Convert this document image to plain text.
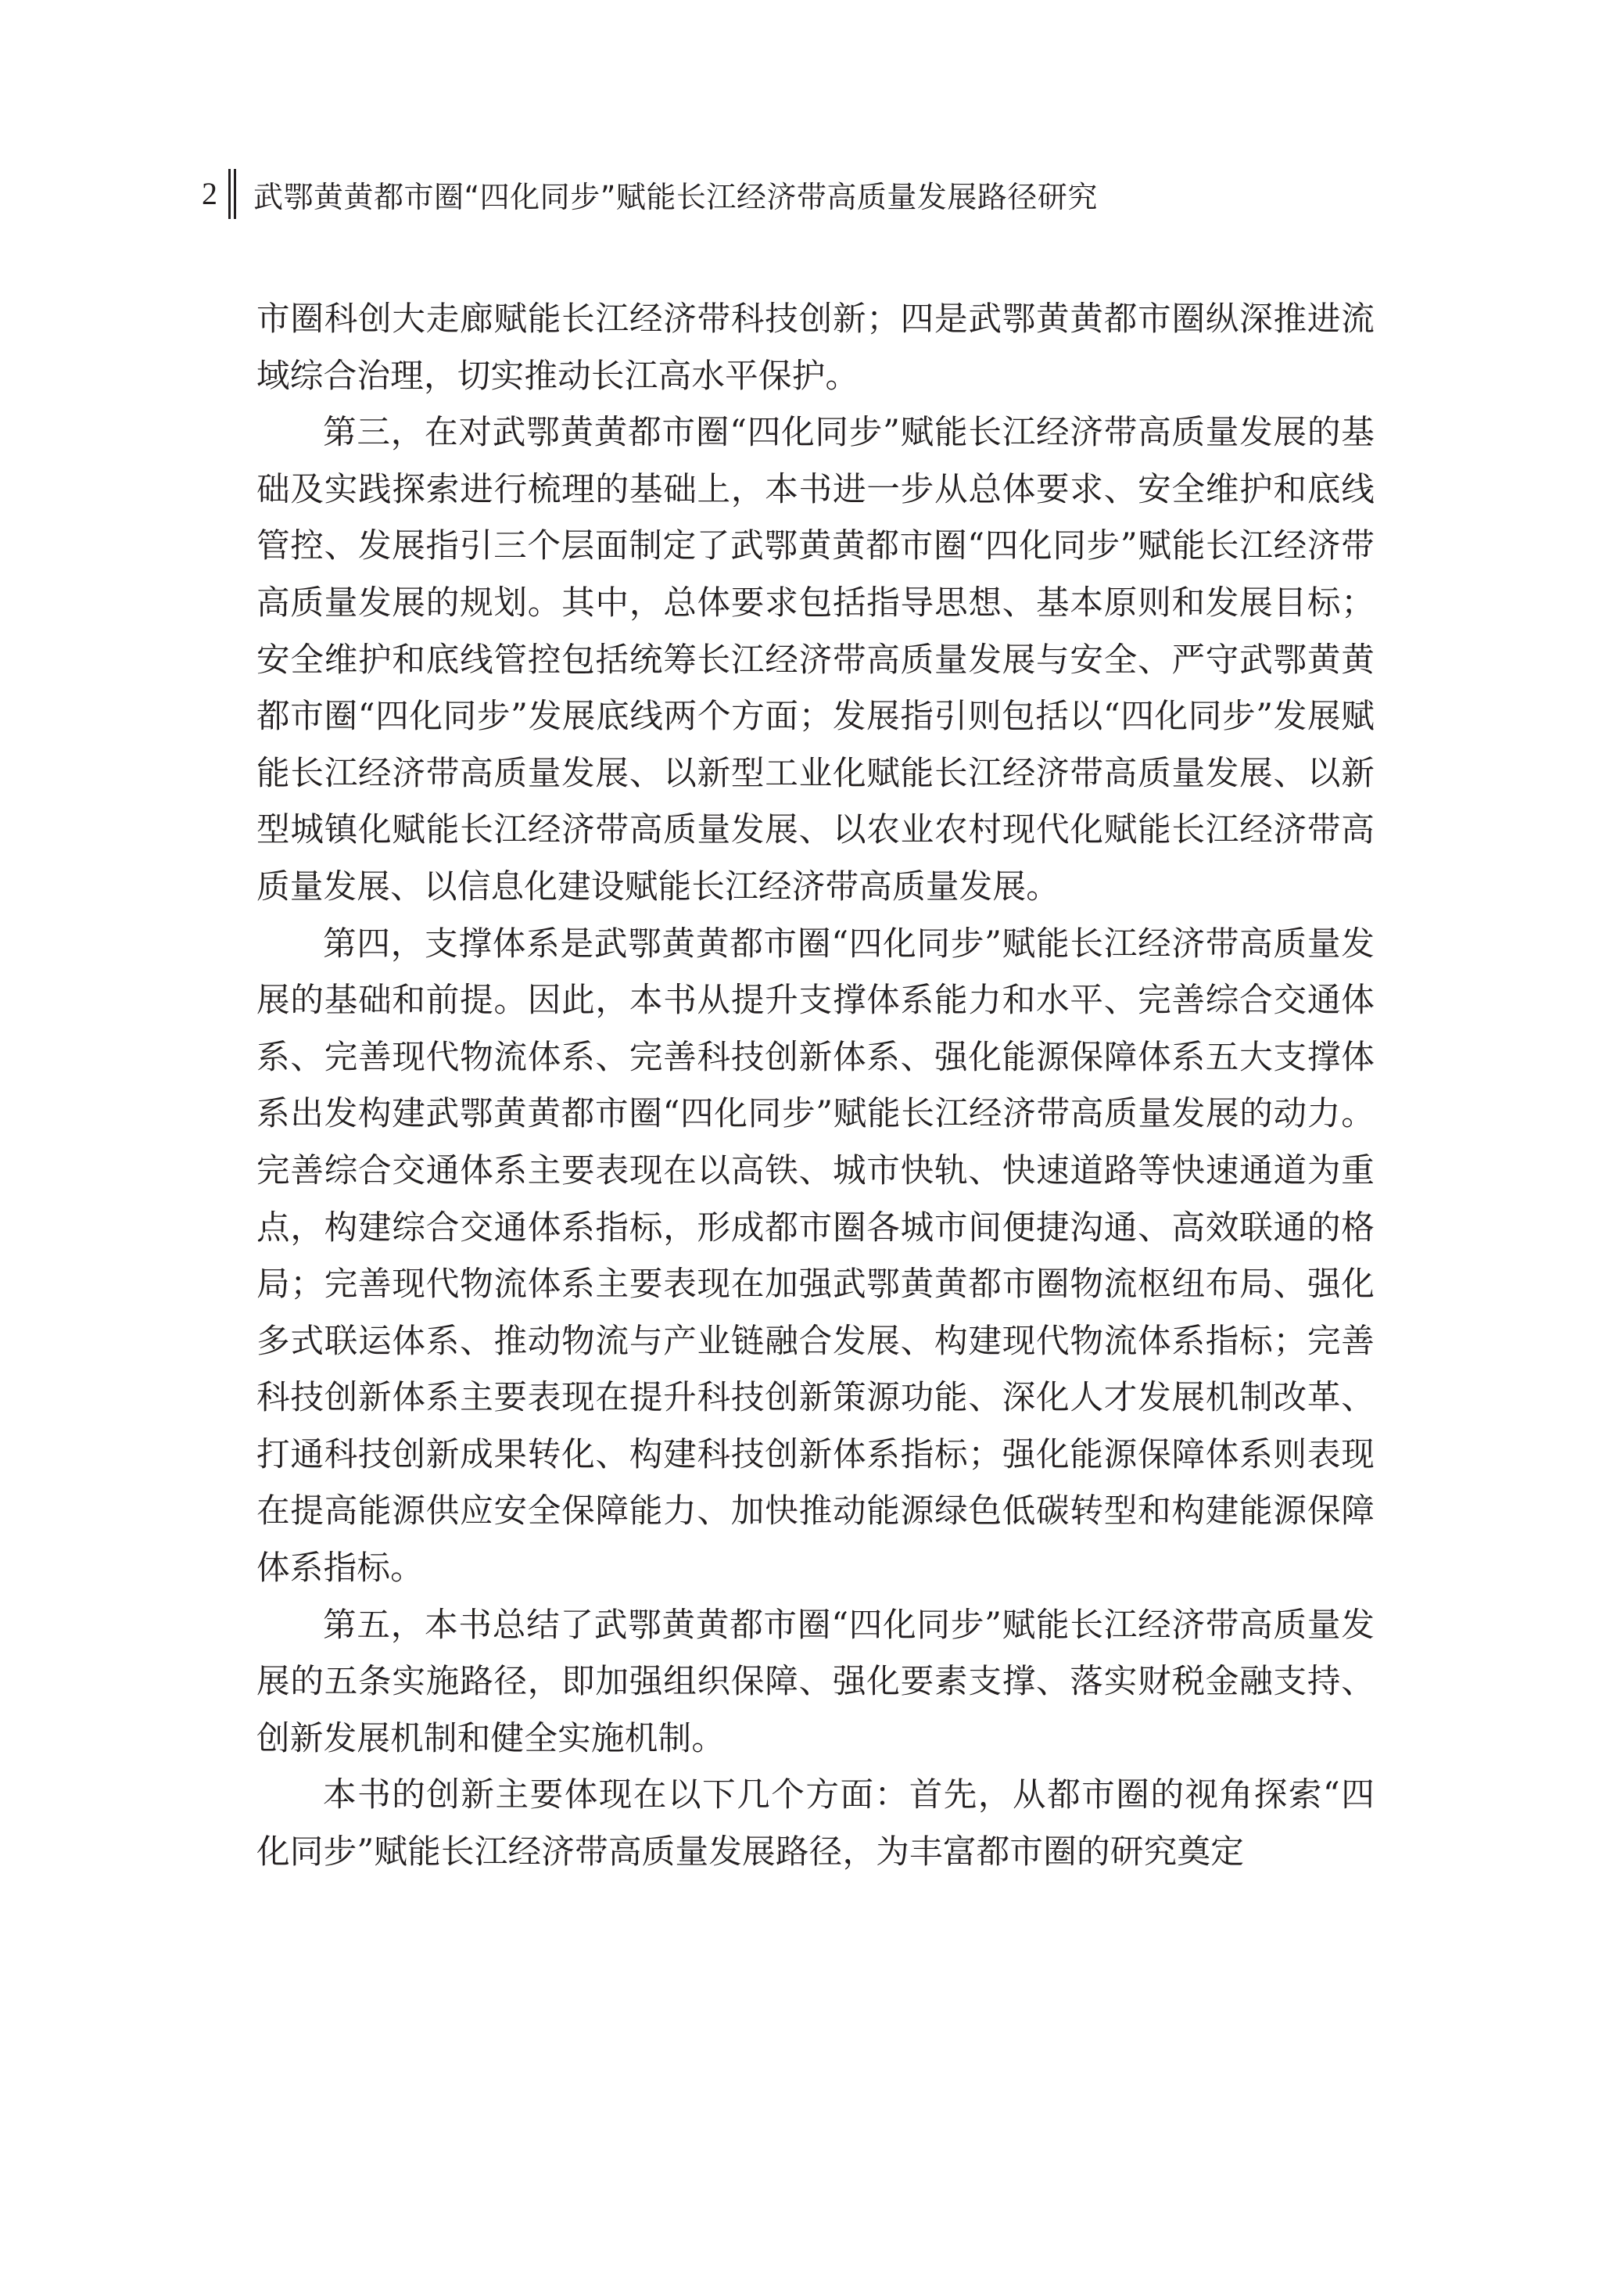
2 武鄂黄黄都市圈“四化同步”赋能长江经济带高质量发展路径研究

市圈科创大走廊赋能长江经济带科技创新；四是武鄂黄黄都市圈纵深推进流域综合治理，切实推动长江高水平保护。

第三，在对武鄂黄黄都市圈“四化同步”赋能长江经济带高质量发展的基础及实践探索进行梳理的基础上，本书进一步从总体要求、安全维护和底线管控、发展指引三个层面制定了武鄂黄黄都市圈“四化同步”赋能长江经济带高质量发展的规划。其中，总体要求包括指导思想、基本原则和发展目标；安全维护和底线管控包括统筹长江经济带高质量发展与安全、严守武鄂黄黄都市圈“四化同步”发展底线两个方面；发展指引则包括以“四化同步”发展赋能长江经济带高质量发展、以新型工业化赋能长江经济带高质量发展、以新型城镇化赋能长江经济带高质量发展、以农业农村现代化赋能长江经济带高质量发展、以信息化建设赋能长江经济带高质量发展。

第四，支撑体系是武鄂黄黄都市圈“四化同步”赋能长江经济带高质量发展的基础和前提。因此，本书从提升支撑体系能力和水平、完善综合交通体系、完善现代物流体系、完善科技创新体系、强化能源保障体系五大支撑体系出发构建武鄂黄黄都市圈“四化同步”赋能长江经济带高质量发展的动力。完善综合交通体系主要表现在以高铁、城市快轨、快速道路等快速通道为重点，构建综合交通体系指标，形成都市圈各城市间便捷沟通、高效联通的格局；完善现代物流体系主要表现在加强武鄂黄黄都市圈物流枢纽布局、强化多式联运体系、推动物流与产业链融合发展、构建现代物流体系指标；完善科技创新体系主要表现在提升科技创新策源功能、深化人才发展机制改革、打通科技创新成果转化、构建科技创新体系指标；强化能源保障体系则表现在提高能源供应安全保障能力、加快推动能源绿色低碳转型和构建能源保障体系指标。

第五，本书总结了武鄂黄黄都市圈“四化同步”赋能长江经济带高质量发展的五条实施路径，即加强组织保障、强化要素支撑、落实财税金融支持、创新发展机制和健全实施机制。

本书的创新主要体现在以下几个方面：首先，从都市圈的视角探索“四化同步”赋能长江经济带高质量发展路径，为丰富都市圈的研究奠定
